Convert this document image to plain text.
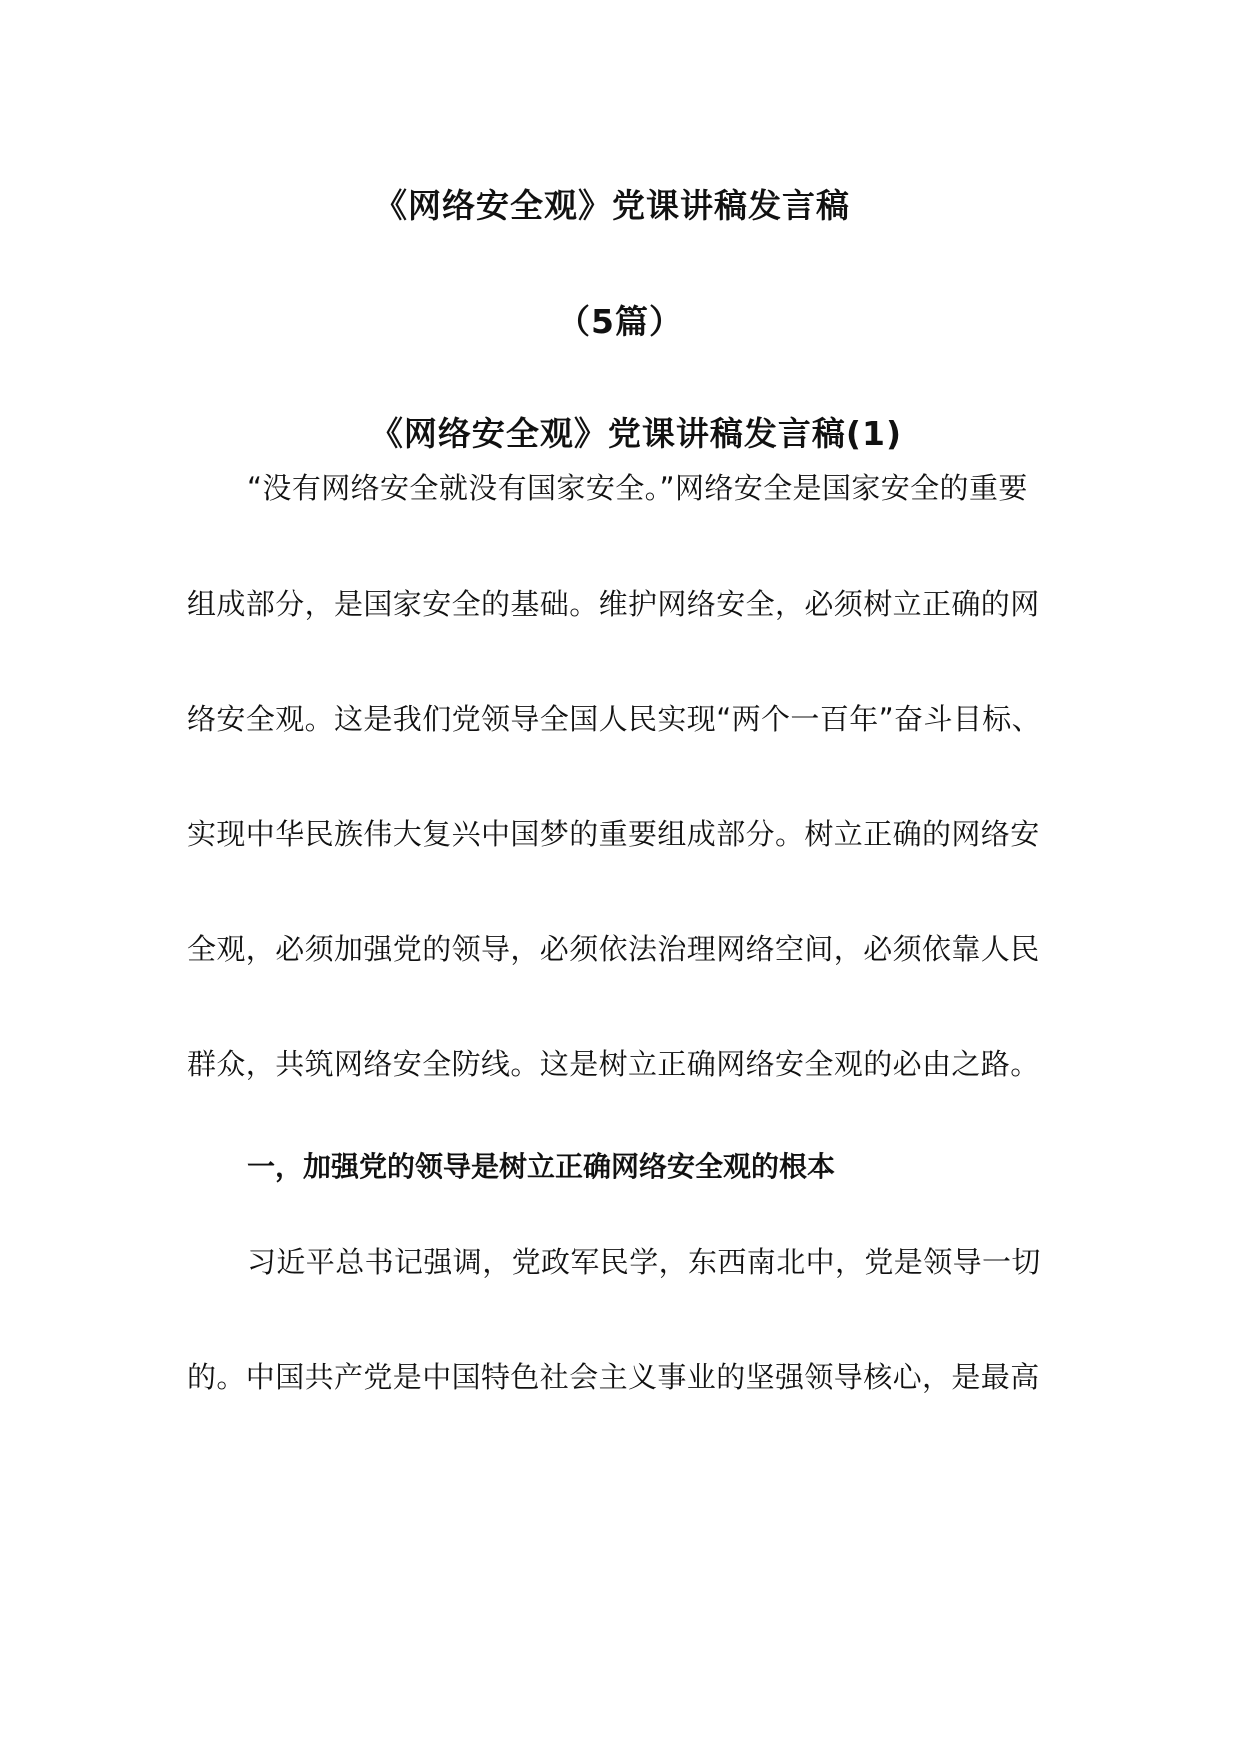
《网络安全观》党课讲稿发言稿
（5篇）
《网络安全观》党课讲稿发言稿(1)
“没有网络安全就没有国家安全。”网络安全是国家安全的重要
组成部分，是国家安全的基础。维护网络安全，必须树立正确的网
络安全观。这是我们党领导全国人民实现“两个一百年”奋斗目标、
实现中华民族伟大复兴中国梦的重要组成部分。树立正确的网络安
全观，必须加强党的领导，必须依法治理网络空间，必须依靠人民
群众，共筑网络安全防线。这是树立正确网络安全观的必由之路。
一，加强党的领导是树立正确网络安全观的根本
习近平总书记强调，党政军民学，东西南北中，党是领导一切
的。中国共产党是中国特色社会主义事业的坚强领导核心，是最高
